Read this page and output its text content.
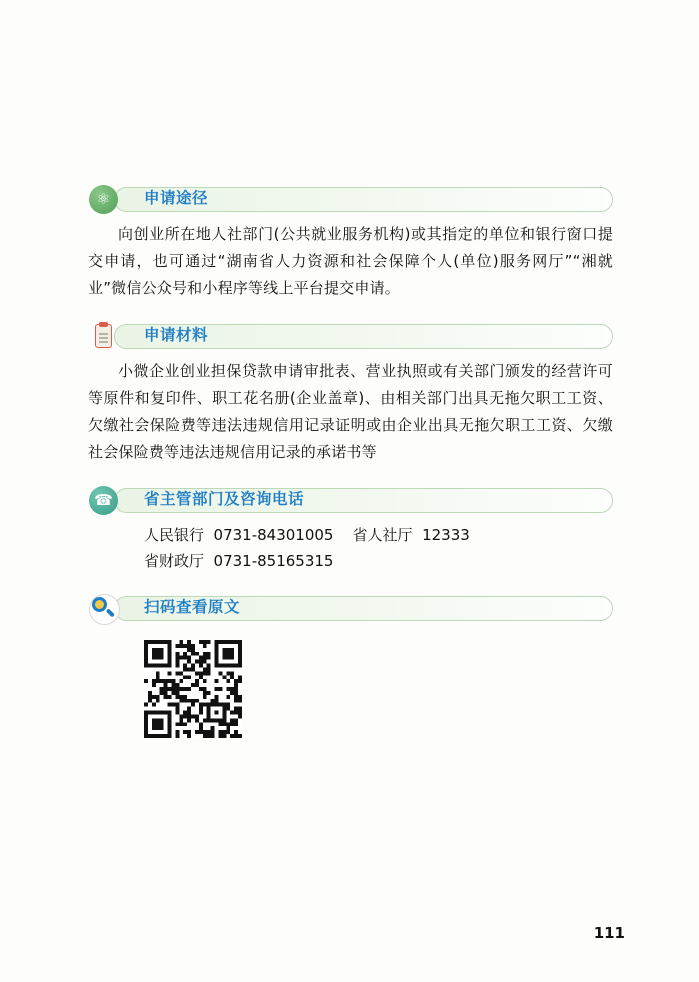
⚛	申请途径

向创业所在地人社部门(公共就业服务机构)或其指定的单位和银行窗口提交申请，也可通过“湖南省人力资源和社会保障个人(单位)服务网厅”“湘就业”微信公众号和小程序等线上平台提交申请。

申请材料

小微企业创业担保贷款申请审批表、营业执照或有关部门颁发的经营许可等原件和复印件、职工花名册(企业盖章)、由相关部门出具无拖欠职工工资、欠缴社会保险费等违法违规信用记录证明或由企业出具无拖欠职工工资、欠缴社会保险费等违法违规信用记录的承诺书等

☎	省主管部门及咨询电话
人民银行  0731-84301005    省人社厅  12333
省财政厅  0731-85165315
扫码查看原文
111
